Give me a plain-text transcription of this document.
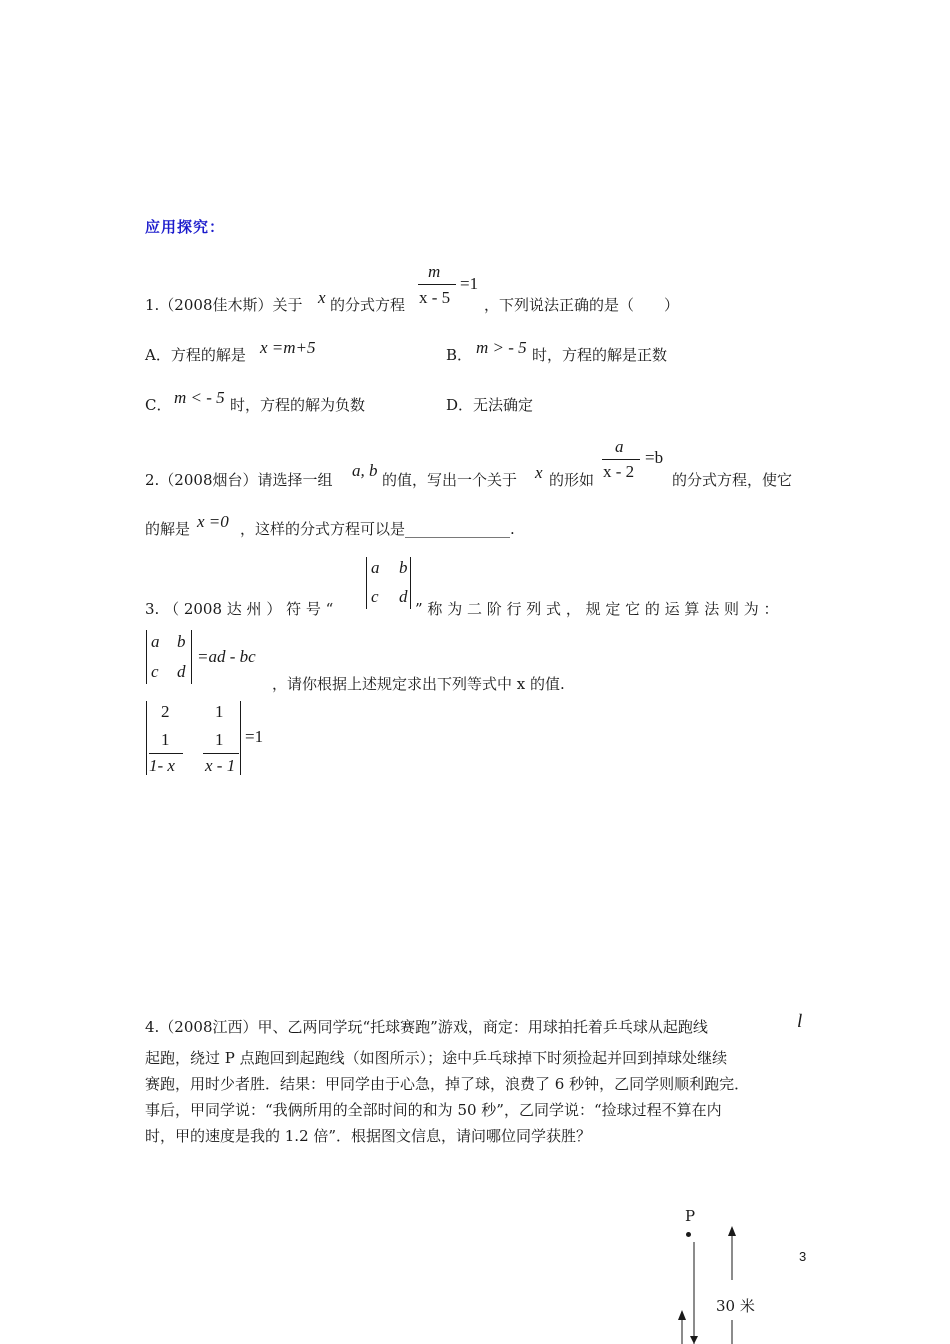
应用探究：
1.（2008佳木斯）关于 x 的分式方程
m
x - 5
=1
，下列说法正确的是（　　）
A．方程的解是 x =m+5	B． m > - 5 时，方程的解是正数
C． m < - 5 时，方程的解为负数	D．无法确定
2.（2008烟台）请选择一组 a, b 的值，写出一个关于 x 的形如
a
x - 2
=b
的分式方程，使它
的解是 x =0 ，这样的分式方程可以是______________.
3. （ 2008 达 州 ） 符 号 “
a b
c d
” 称 为 二 阶 行 列 式 ， 规 定 它 的 运 算 法 则 为 ：
a b
c d
=ad - bc
，请你根据上述规定求出下列等式中 x 的值.
2	1
1
1- x
1
x - 1
=1
4.（2008江西）甲、乙两同学玩“托球赛跑”游戏，商定：用球拍托着乒乓球从起跑线	l
起跑，绕过 P 点跑回到起跑线（如图所示）；途中乒乓球掉下时须捡起并回到掉球处继续
赛跑，用时少者胜．结果：甲同学由于心急，掉了球，浪费了 6 秒钟，乙同学则顺利跑完．
事后，甲同学说：“我俩所用的全部时间的和为 50 秒”，乙同学说：“捡球过程不算在内
时，甲的速度是我的 1.2 倍”．根据图文信息，请问哪位同学获胜？
P
30 米
3
